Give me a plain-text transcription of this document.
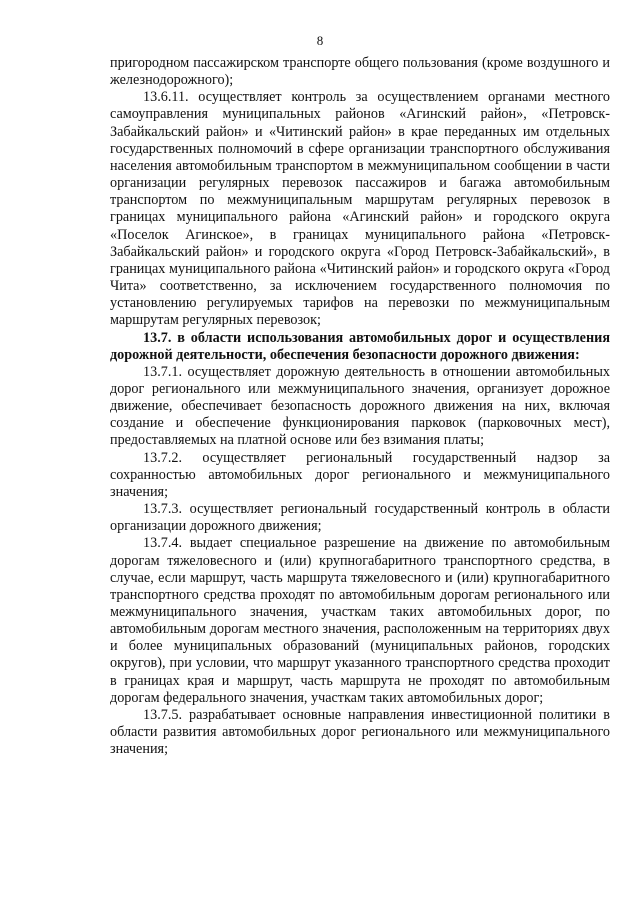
8

пригородном пассажирском транспорте общего пользования (кроме воздушного и железнодорожного);

13.6.11. осуществляет контроль за осуществлением органами местного самоуправления муниципальных районов «Агинский район», «Петровск-Забайкальский район» и «Читинский район» в крае переданных им отдельных государственных полномочий в сфере организации транспортного обслуживания населения автомобильным транспортом в межмуниципальном сообщении в части организации регулярных перевозок пассажиров и багажа автомобильным транспортом по межмуниципальным маршрутам регулярных перевозок в границах муниципального района «Агинский район» и городского округа «Поселок Агинское», в границах муниципального района «Петровск-Забайкальский район» и городского округа «Город Петровск-Забайкальский», в границах муниципального района «Читинский район» и городского округа «Город Чита» соответственно, за исключением государственного полномочия по установлению регулируемых тарифов на перевозки по межмуниципальным маршрутам регулярных перевозок;

13.7. в области использования автомобильных дорог и осуществления дорожной деятельности, обеспечения безопасности дорожного движения:

13.7.1. осуществляет дорожную деятельность в отношении автомобильных дорог регионального или межмуниципального значения, организует дорожное движение, обеспечивает безопасность дорожного движения на них, включая создание и обеспечение функционирования парковок (парковочных мест), предоставляемых на платной основе или без взимания платы;

13.7.2. осуществляет региональный государственный надзор за сохранностью автомобильных дорог регионального и межмуниципального значения;

13.7.3. осуществляет региональный государственный контроль в области организации дорожного движения;

13.7.4. выдает специальное разрешение на движение по автомобильным дорогам тяжеловесного и (или) крупногабаритного транспортного средства, в случае, если маршрут, часть маршрута тяжеловесного и (или) крупногабаритного транспортного средства проходят по автомобильным дорогам регионального или межмуниципального значения, участкам таких автомобильных дорог, по автомобильным дорогам местного значения, расположенным на территориях двух и более муниципальных образований (муниципальных районов, городских округов), при условии, что маршрут указанного транспортного средства проходит в границах края и маршрут, часть маршрута не проходят по автомобильным дорогам федерального значения, участкам таких автомобильных дорог;

13.7.5. разрабатывает основные направления инвестиционной политики в области развития автомобильных дорог регионального или межмуниципального значения;
